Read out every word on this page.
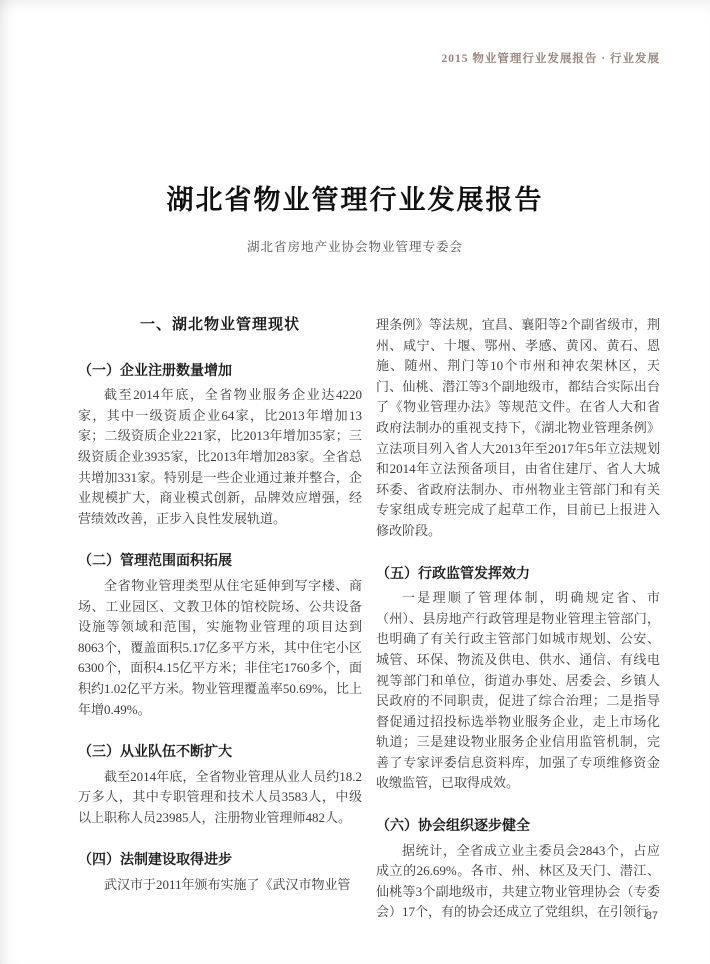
2015 物业管理行业发展报告 · 行业发展
湖北省物业管理行业发展报告
湖北省房地产业协会物业管理专委会
一、湖北物业管理现状
（一）企业注册数量增加

截至2014年底，全省物业服务企业达4220家，其中一级资质企业64家，比2013年增加13家；二级资质企业221家，比2013年增加35家；三级资质企业3935家，比2013年增加283家。全省总共增加331家。特别是一些企业通过兼并整合，企业规模扩大，商业模式创新，品牌效应增强，经营绩效改善，正步入良性发展轨道。

（二）管理范围面积拓展

全省物业管理类型从住宅延伸到写字楼、商场、工业园区、文教卫体的馆校院场、公共设备设施等领域和范围，实施物业管理的项目达到8063个，覆盖面积5.17亿多平方米，其中住宅小区6300个，面积4.15亿平方米；非住宅1760多个，面积约1.02亿平方米。物业管理覆盖率50.69%，比上年增0.49%。

（三）从业队伍不断扩大

截至2014年底，全省物业管理从业人员约18.2万多人，其中专职管理和技术人员3583人，中级以上职称人员23985人，注册物业管理师482人。

（四）法制建设取得进步

武汉市于2011年颁布实施了《武汉市物业管

理条例》等法规，宜昌、襄阳等2个副省级市，荆州、咸宁、十堰、鄂州、孝感、黄冈、黄石、恩施、随州、荆门等10个市州和神农架林区，天门、仙桃、潜江等3个副地级市，都结合实际出台了《物业管理办法》等规范文件。在省人大和省政府法制办的重视支持下，《湖北物业管理条例》立法项目列入省人大2013年至2017年5年立法规划和2014年立法预备项目，由省住建厅、省人大城环委、省政府法制办、市州物业主管部门和有关专家组成专班完成了起草工作，目前已上报进入修改阶段。

（五）行政监管发挥效力

一是理顺了管理体制，明确规定省、市（州）、县房地产行政管理是物业管理主管部门，也明确了有关行政主管部门如城市规划、公安、城管、环保、物流及供电、供水、通信、有线电视等部门和单位，街道办事处、居委会、乡镇人民政府的不同职责，促进了综合治理；二是指导督促通过招投标选举物业服务企业，走上市场化轨道；三是建设物业服务企业信用监管机制，完善了专家评委信息资料库，加强了专项维修资金收缴监管，已取得成效。

（六）协会组织逐步健全

据统计，全省成立业主委员会2843个，占应成立的26.69%。各市、州、林区及天门、潜江、仙桃等3个副地级市，共建立物业管理协会（专委会）17个，有的协会还成立了党组织，在引领行

87
